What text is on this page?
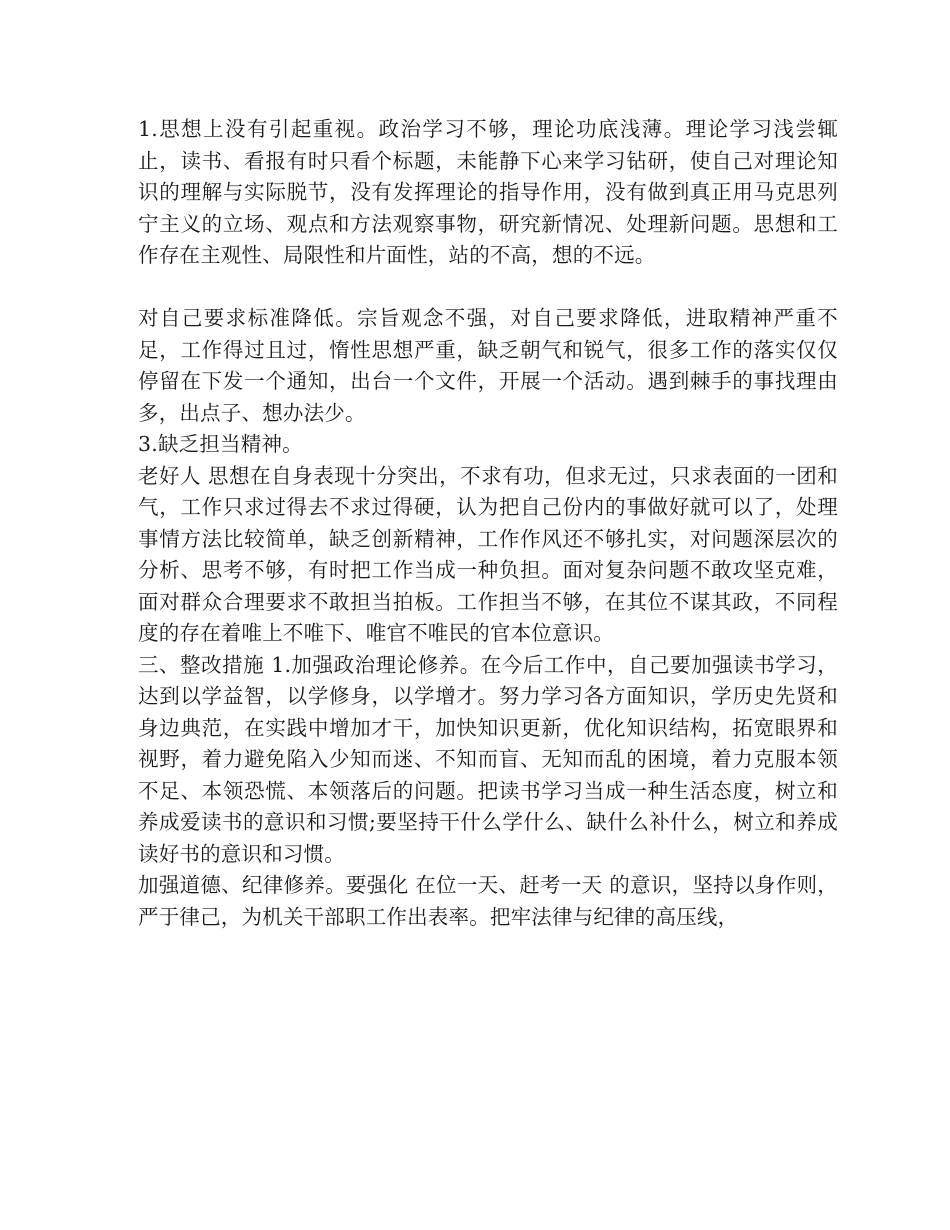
1.思想上没有引起重视。政治学习不够，理论功底浅薄。理论学习浅尝辄止，读书、看报有时只看个标题，未能静下心来学习钻研，使自己对理论知识的理解与实际脱节，没有发挥理论的指导作用，没有做到真正用马克思列宁主义的立场、观点和方法观察事物，研究新情况、处理新问题。思想和工作存在主观性、局限性和片面性，站的不高，想的不远。

对自己要求标准降低。宗旨观念不强，对自己要求降低，进取精神严重不足，工作得过且过，惰性思想严重，缺乏朝气和锐气，很多工作的落实仅仅停留在下发一个通知，出台一个文件，开展一个活动。遇到棘手的事找理由多，出点子、想办法少。

3.缺乏担当精神。

老好人 思想在自身表现十分突出，不求有功，但求无过，只求表面的一团和气，工作只求过得去不求过得硬，认为把自己份内的事做好就可以了，处理事情方法比较简单，缺乏创新精神，工作作风还不够扎实，对问题深层次的分析、思考不够，有时把工作当成一种负担。面对复杂问题不敢攻坚克难，面对群众合理要求不敢担当拍板。工作担当不够，在其位不谋其政，不同程度的存在着唯上不唯下、唯官不唯民的官本位意识。

三、整改措施 1.加强政治理论修养。在今后工作中，自己要加强读书学习，达到以学益智，以学修身，以学增才。努力学习各方面知识，学历史先贤和身边典范，在实践中增加才干，加快知识更新，优化知识结构，拓宽眼界和视野，着力避免陷入少知而迷、不知而盲、无知而乱的困境，着力克服本领不足、本领恐慌、本领落后的问题。把读书学习当成一种生活态度，树立和养成爱读书的意识和习惯;要坚持干什么学什么、缺什么补什么，树立和养成读好书的意识和习惯。

加强道德、纪律修养。要强化 在位一天、赶考一天 的意识，坚持以身作则，严于律己，为机关干部职工作出表率。把牢法律与纪律的高压线，
